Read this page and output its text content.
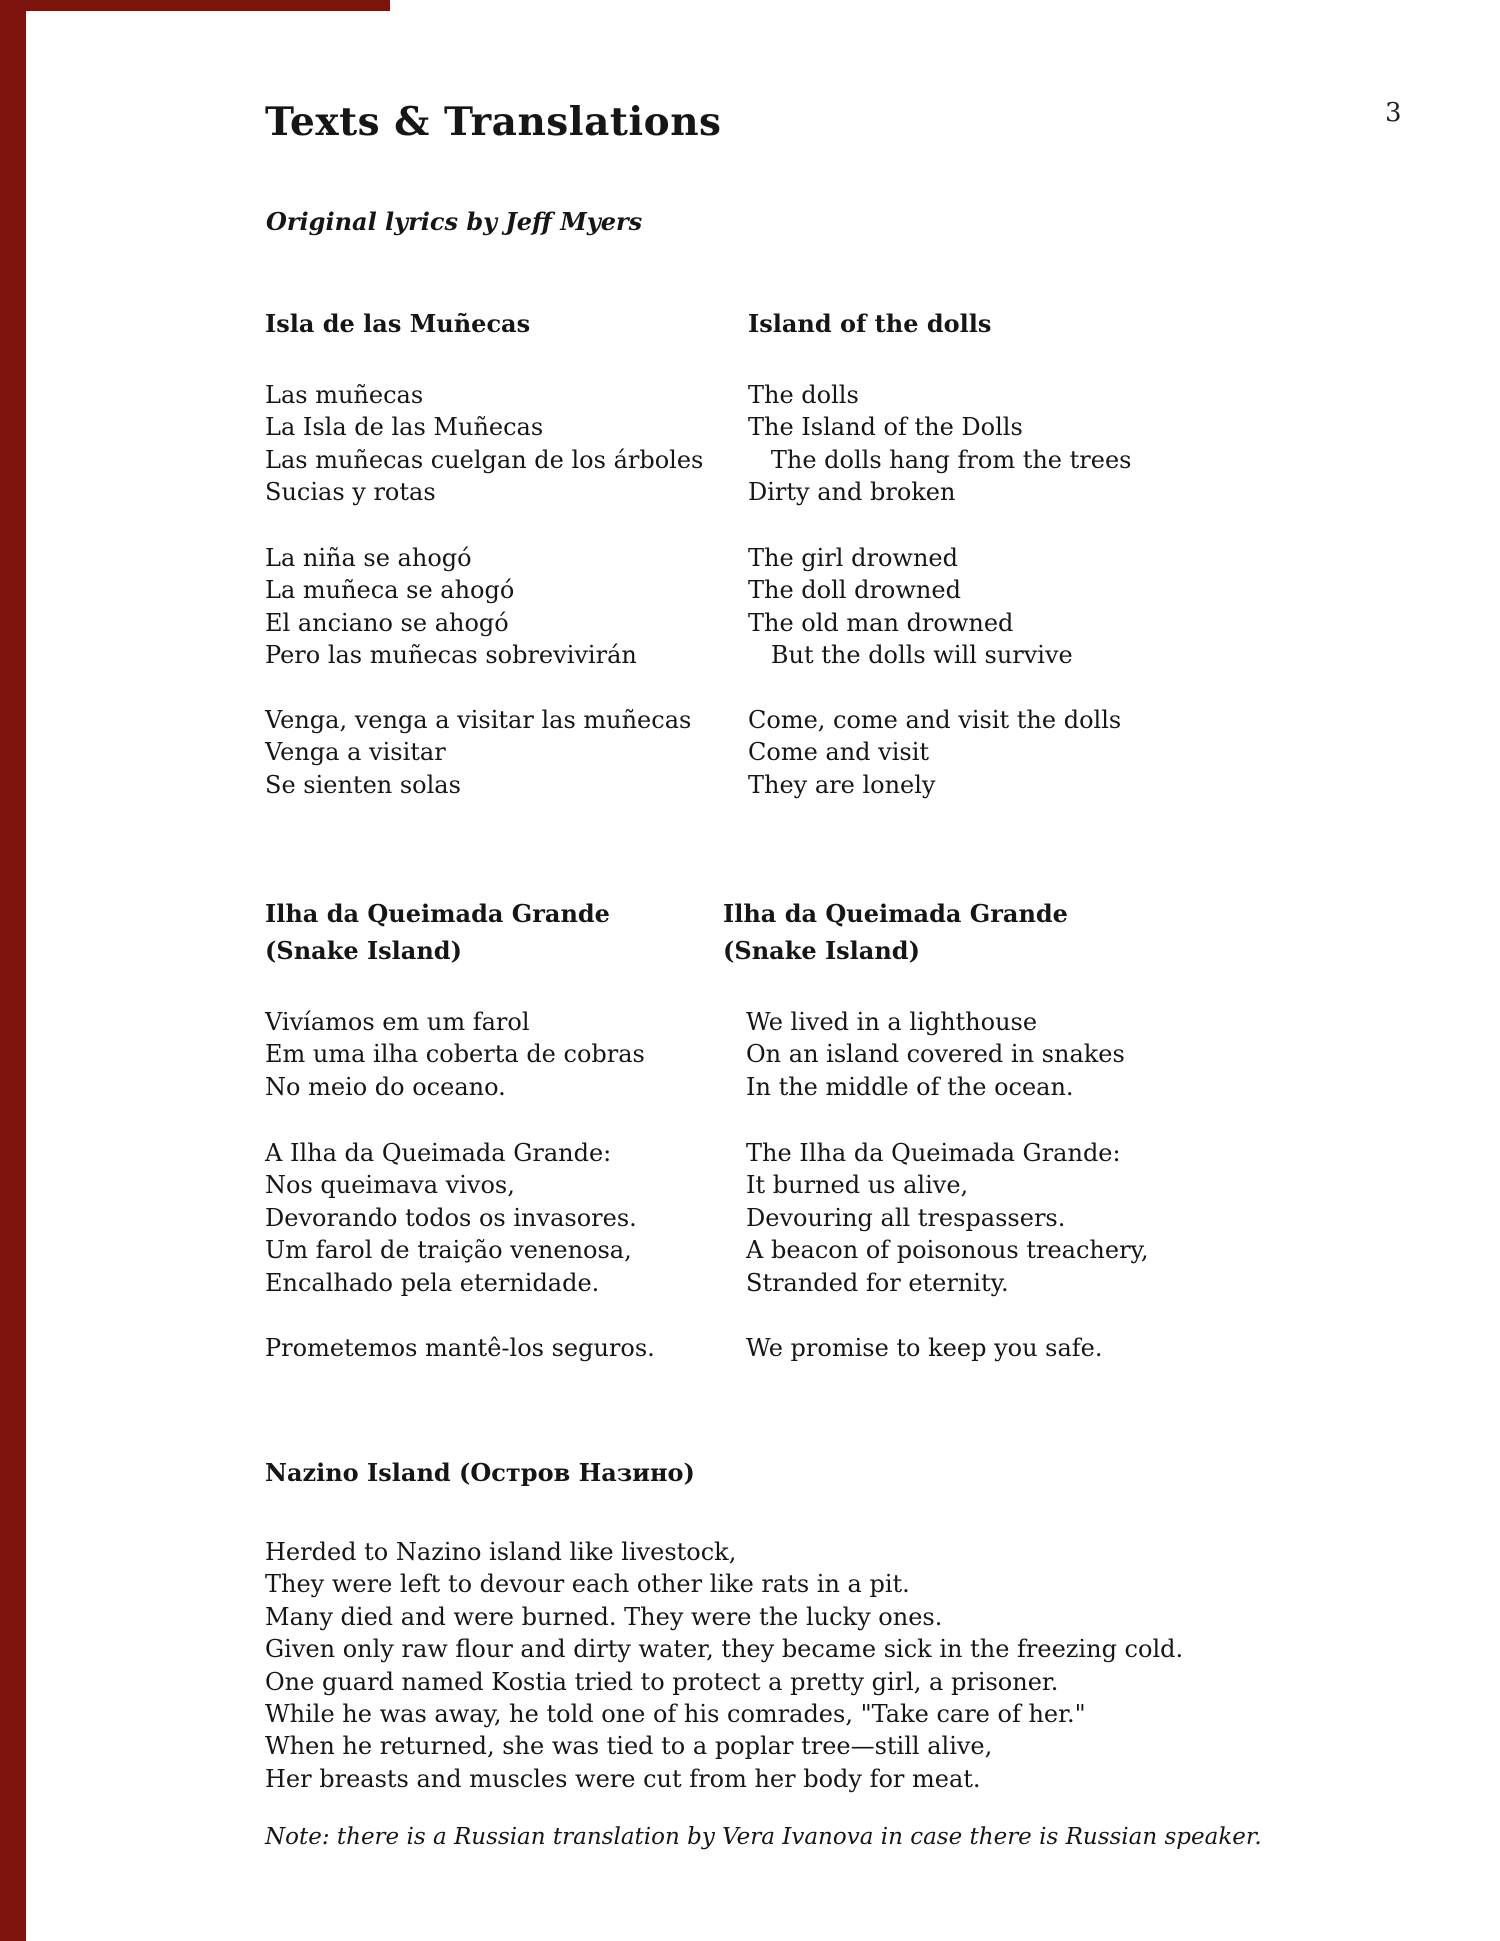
3
Texts & Translations
Original lyrics by Jeff Myers
Isla de las Muñecas	Island of the dolls
Las muñecas
La Isla de las Muñecas
Las muñecas cuelgan de los árboles
Sucias y rotas
The dolls
The Island of the Dolls
The dolls hang from the trees
Dirty and broken
La niña se ahogó
La muñeca se ahogó
El anciano se ahogó
Pero las muñecas sobrevivirán
The girl drowned
The doll drowned
The old man drowned
But the dolls will survive
Venga, venga a visitar las muñecas
Venga a visitar
Se sienten solas
Come, come and visit the dolls
Come and visit
They are lonely
Ilha da Queimada Grande
(Snake Island)
Ilha da Queimada Grande
(Snake Island)
Vivíamos em um farol
Em uma ilha coberta de cobras
No meio do oceano.
We lived in a lighthouse
On an island covered in snakes
In the middle of the ocean.
A Ilha da Queimada Grande:
Nos queimava vivos,
Devorando todos os invasores.
Um farol de traição venenosa,
Encalhado pela eternidade.
The Ilha da Queimada Grande:
It burned us alive,
Devouring all trespassers.
A beacon of poisonous treachery,
Stranded for eternity.
Prometemos mantê-los seguros.	We promise to keep you safe.
Nazino Island (Остров Назино)
Herded to Nazino island like livestock,
They were left to devour each other like rats in a pit.
Many died and were burned. They were the lucky ones.
Given only raw flour and dirty water, they became sick in the freezing cold.
One guard named Kostia tried to protect a pretty girl, a prisoner.
While he was away, he told one of his comrades, "Take care of her."
When he returned, she was tied to a poplar tree—still alive,
Her breasts and muscles were cut from her body for meat.
Note: there is a Russian translation by Vera Ivanova in case there is Russian speaker.
